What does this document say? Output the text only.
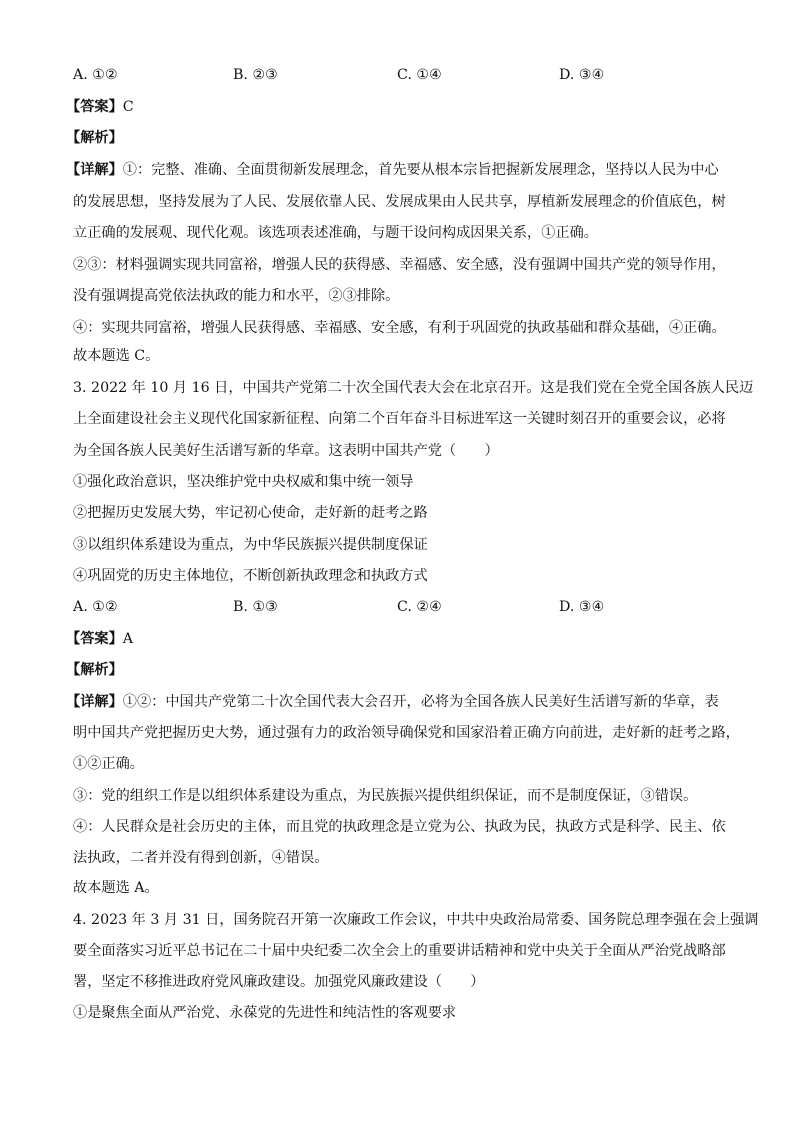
A. ①②	B. ②③	C. ①④	D. ③④
【答案】C
【解析】
【详解】①：完整、准确、全面贯彻新发展理念，首先要从根本宗旨把握新发展理念，坚持以人民为中心
的发展思想，坚持发展为了人民、发展依靠人民、发展成果由人民共享，厚植新发展理念的价值底色，树
立正确的发展观、现代化观。该选项表述准确，与题干设问构成因果关系，①正确。
②③：材料强调实现共同富裕，增强人民的获得感、幸福感、安全感，没有强调中国共产党的领导作用，
没有强调提高党依法执政的能力和水平，②③排除。
④：实现共同富裕，增强人民获得感、幸福感、安全感，有利于巩固党的执政基础和群众基础，④正确。
故本题选 C。
3. 2022 年 10 月 16 日，中国共产党第二十次全国代表大会在北京召开。这是我们党在全党全国各族人民迈
上全面建设社会主义现代化国家新征程、向第二个百年奋斗目标进军这一关键时刻召开的重要会议，必将
为全国各族人民美好生活谱写新的华章。这表明中国共产党（　　）
①强化政治意识，坚决维护党中央权威和集中统一领导
②把握历史发展大势，牢记初心使命，走好新的赶考之路
③以组织体系建设为重点，为中华民族振兴提供制度保证
④巩固党的历史主体地位，不断创新执政理念和执政方式
A. ①②	B. ①③	C. ②④	D. ③④
【答案】A
【解析】
【详解】①②：中国共产党第二十次全国代表大会召开，必将为全国各族人民美好生活谱写新的华章，表
明中国共产党把握历史大势，通过强有力的政治领导确保党和国家沿着正确方向前进，走好新的赶考之路，
①②正确。
③：党的组织工作是以组织体系建设为重点，为民族振兴提供组织保证，而不是制度保证，③错误。
④：人民群众是社会历史的主体，而且党的执政理念是立党为公、执政为民，执政方式是科学、民主、依
法执政，二者并没有得到创新，④错误。
故本题选 A。
4. 2023 年 3 月 31 日，国务院召开第一次廉政工作会议，中共中央政治局常委、国务院总理李强在会上强调
要全面落实习近平总书记在二十届中央纪委二次全会上的重要讲话精神和党中央关于全面从严治党战略部
署，坚定不移推进政府党风廉政建设。加强党风廉政建设（　　）
①是聚焦全面从严治党、永葆党的先进性和纯洁性的客观要求
